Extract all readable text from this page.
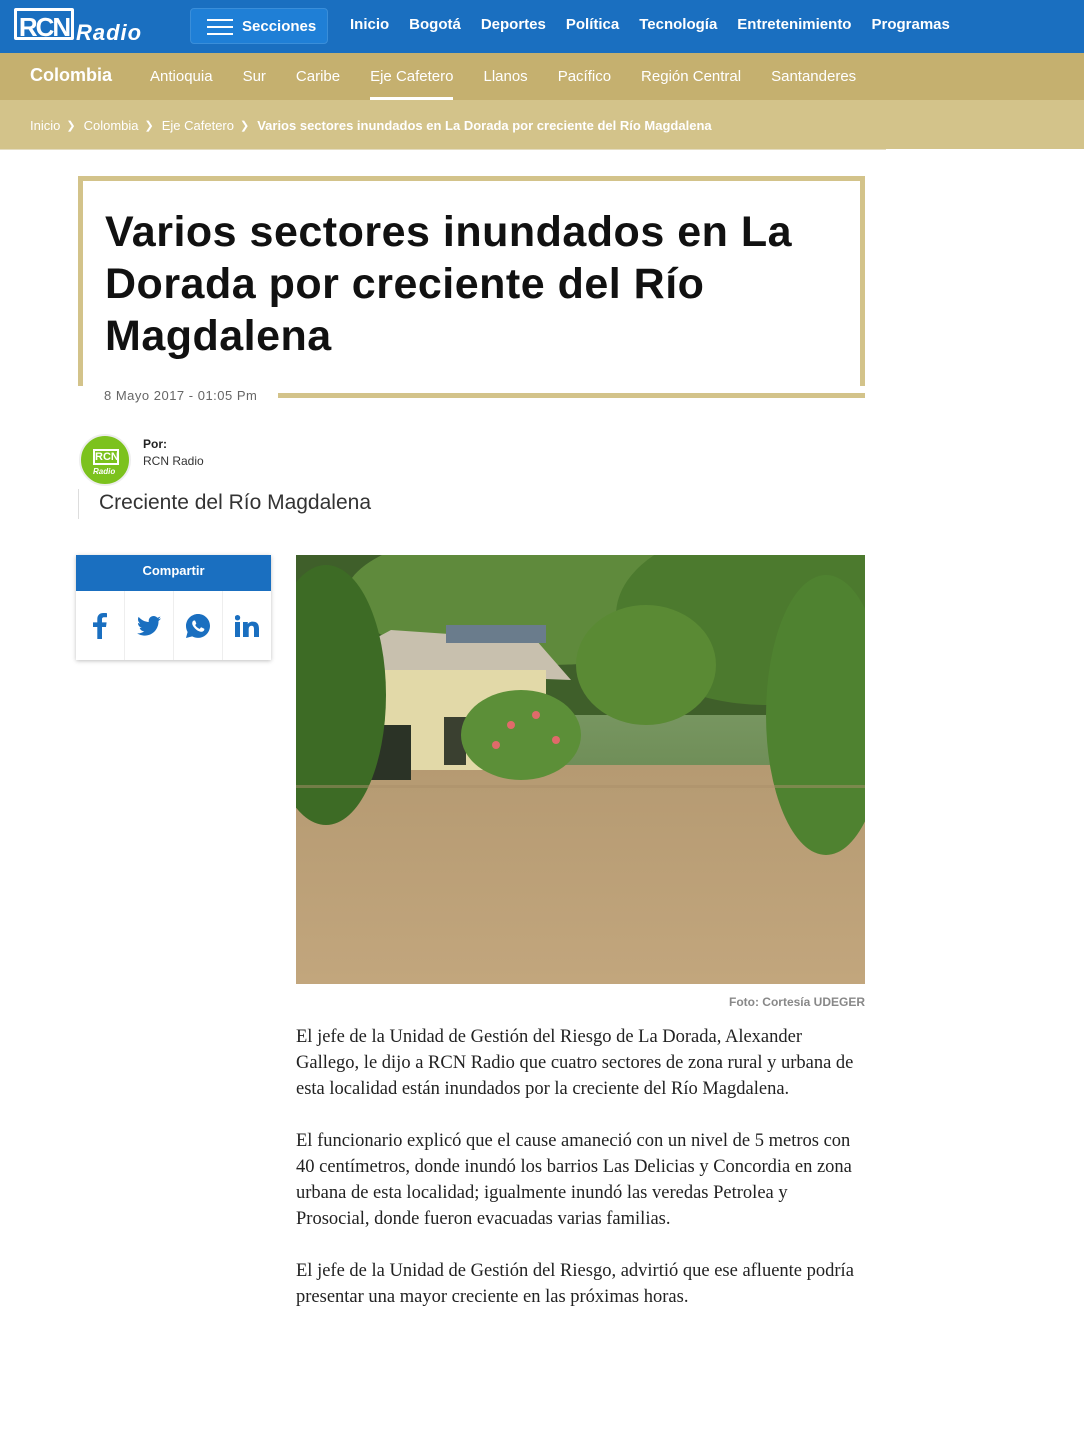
RCN Radio	Secciones Inicio Bogotá Deportes Política Tecnología Entretenimiento Programas
Colombia	Antioquia Sur Caribe Eje Cafetero Llanos Pacífico Región Central Santanderes
Inicio ❯ Colombia ❯ Eje Cafetero ❯ Varios sectores inundados en La Dorada por creciente del Río Magdalena
Varios sectores inundados en La Dorada por creciente del Río Magdalena
8 Mayo 2017 - 01:05 Pm
RCN
Radio
Por:
RCN Radio
Creciente del Río Magdalena
Compartir
Foto: Cortesía UDEGER

El jefe de la Unidad de Gestión del Riesgo de La Dorada, Alexander Gallego, le dijo a RCN Radio que cuatro sectores de zona rural y urbana de esta localidad están inundados por la creciente del Río Magdalena.

El funcionario explicó que el cause amaneció con un nivel de 5 metros con 40 centímetros, donde inundó los barrios Las Delicias y Concordia en zona urbana de esta localidad; igualmente inundó las veredas Petrolea y Prosocial, donde fueron evacuadas varias familias.

El jefe de la Unidad de Gestión del Riesgo, advirtió que ese afluente podría presentar una mayor creciente en las próximas horas.
